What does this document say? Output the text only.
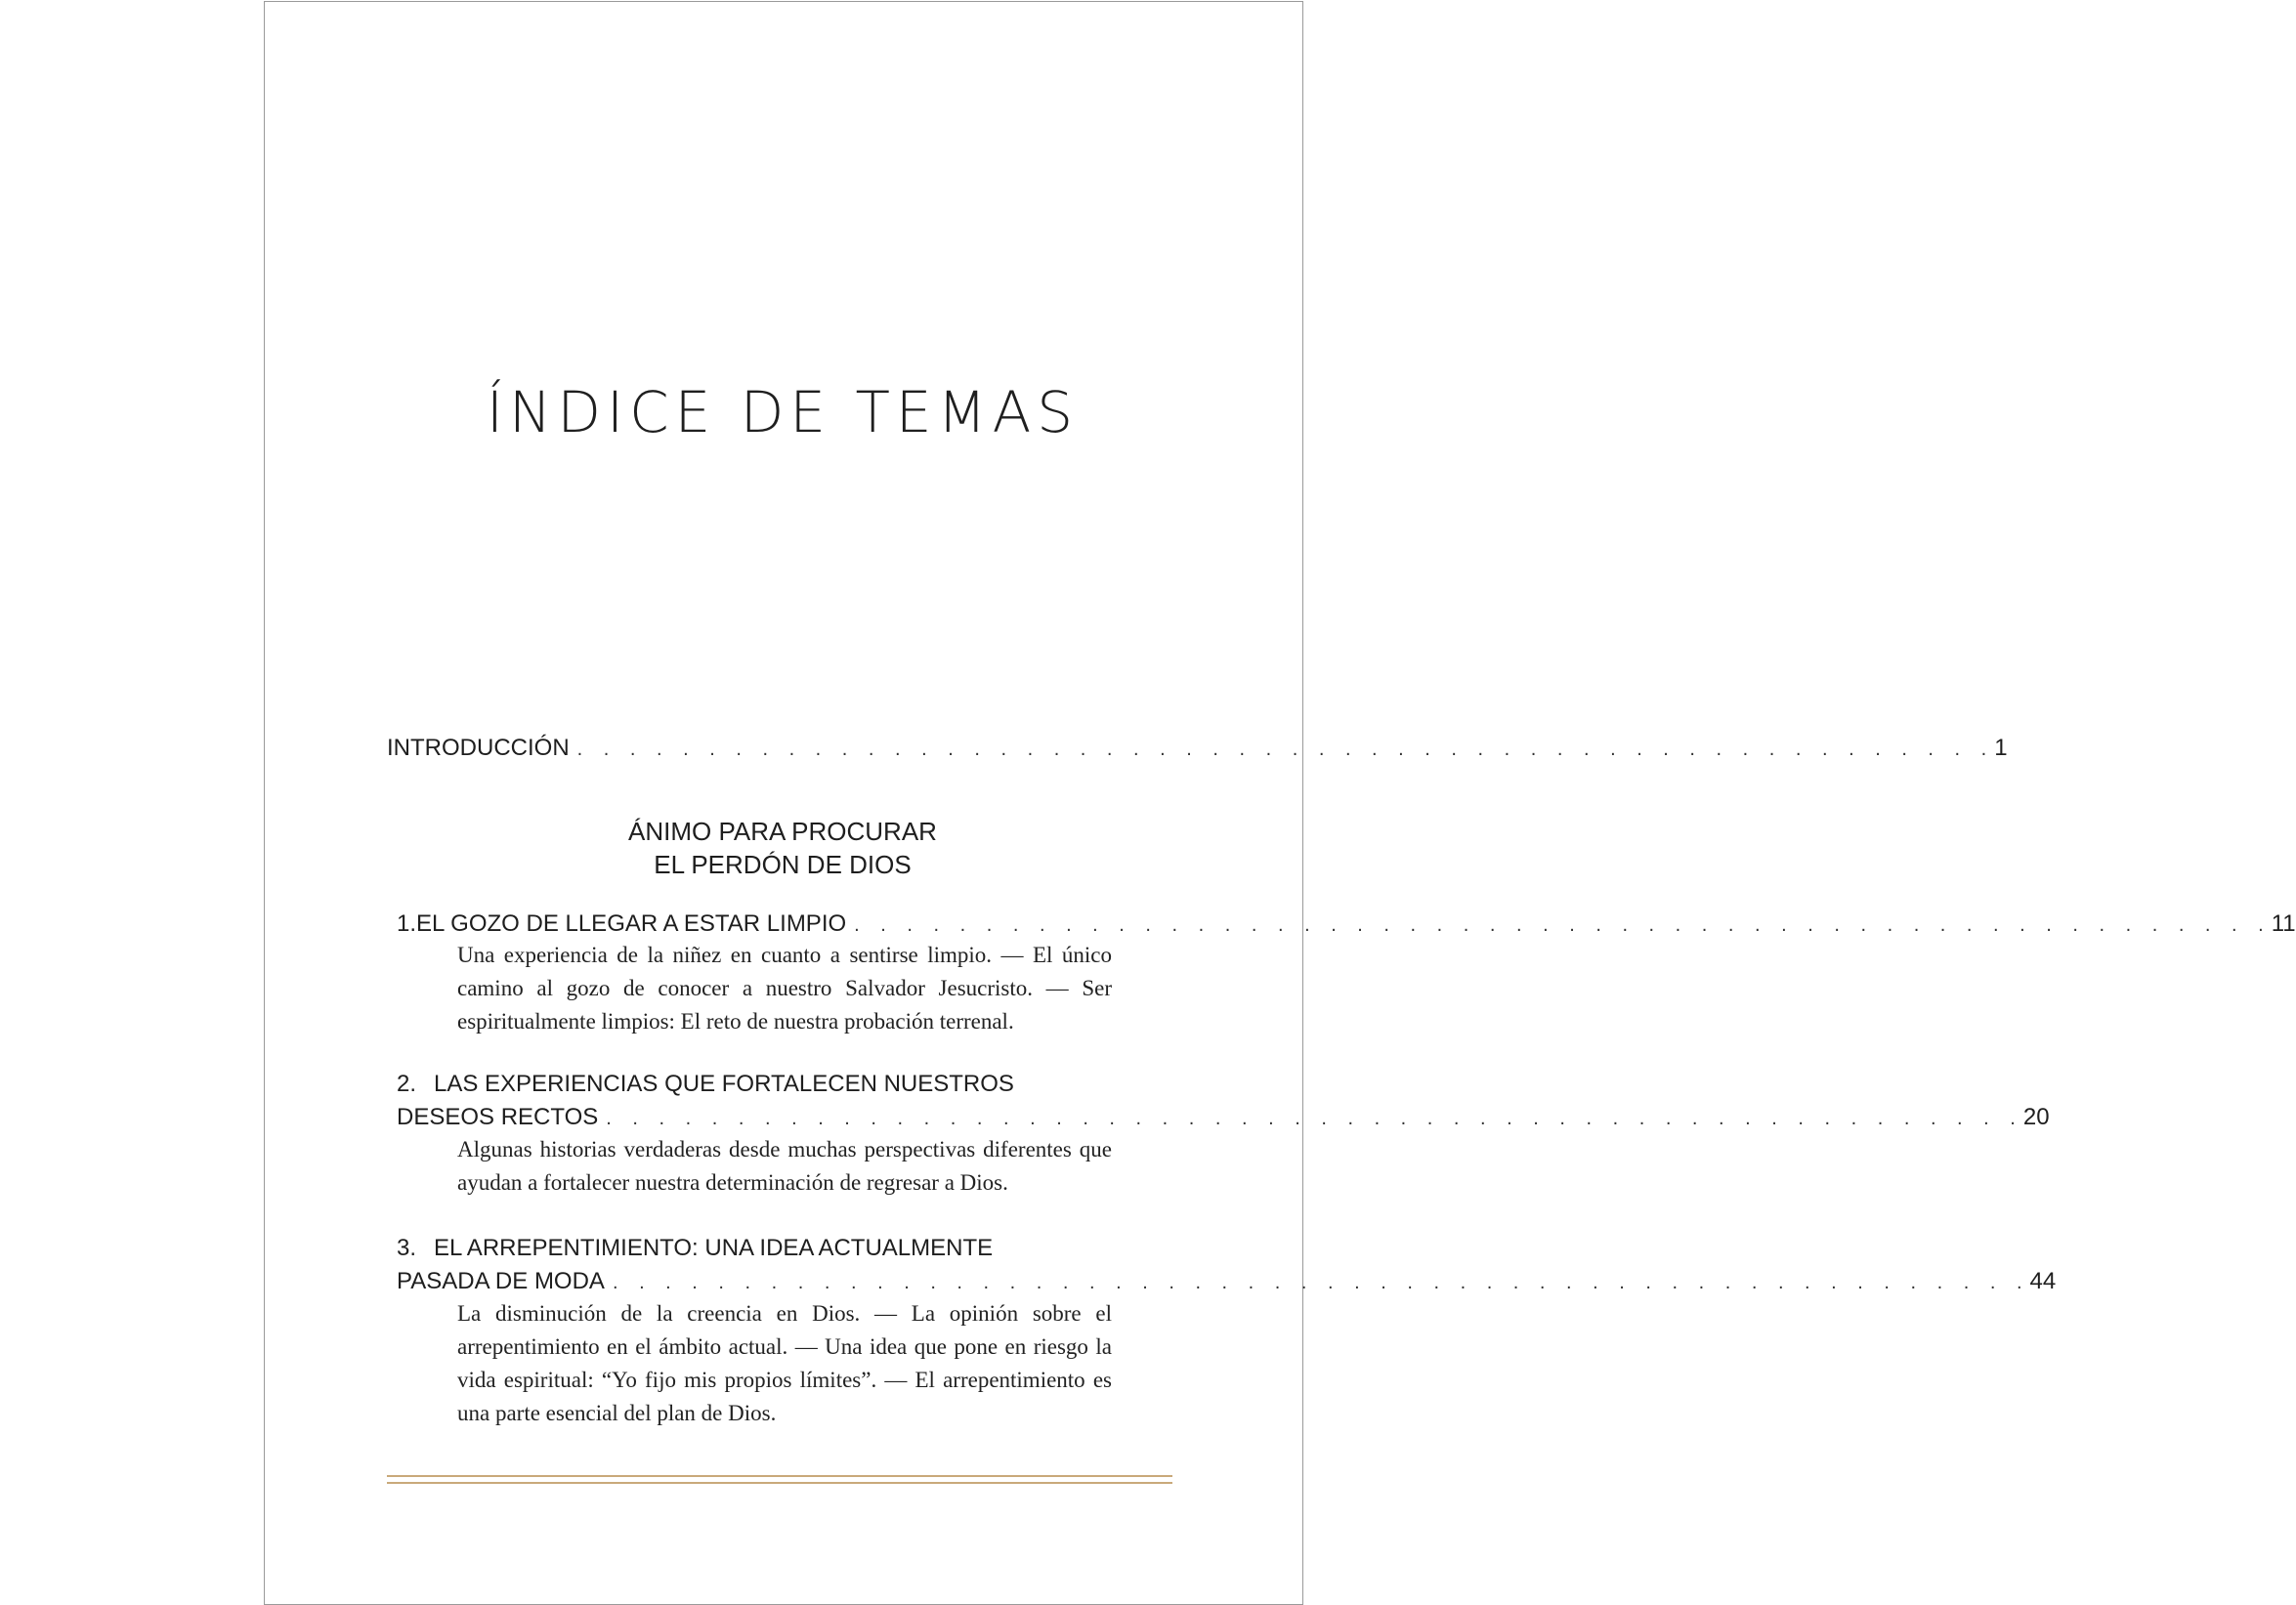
ÍNDICE DE TEMAS
INTRODUCCIÓN . . . . . . . . . . . . . . . . . . . . . . . . . . . . . . . . . . . . . . . . . . . . . . . . . . . . . . 1
ÁNIMO PARA PROCURAR
EL PERDÓN DE DIOS
1. EL GOZO DE LLEGAR A ESTAR LIMPIO . . . . . . . . . . . . . . . . . . . . . . . . . . . . . . . . . . . . . . . . . . . . . . . . . . . . . . 11
Una experiencia de la niñez en cuanto a sentirse limpio. — El único camino al gozo de conocer a nuestro Salvador Jesucristo. — Ser espiritualmente limpios: El reto de nuestra probación terrenal.
2. LAS EXPERIENCIAS QUE FORTALECEN NUESTROS
DESEOS RECTOS . . . . . . . . . . . . . . . . . . . . . . . . . . . . . . . . . . . . . . . . . . . . . . . . . . . . . . 20
Algunas historias verdaderas desde muchas perspectivas diferentes que ayudan a fortalecer nuestra determinación de regresar a Dios.
3. EL ARREPENTIMIENTO: UNA IDEA ACTUALMENTE
PASADA DE MODA . . . . . . . . . . . . . . . . . . . . . . . . . . . . . . . . . . . . . . . . . . . . . . . . . . . . . . 44
La disminución de la creencia en Dios. — La opinión sobre el arrepentimiento en el ámbito actual. — Una idea que pone en riesgo la vida espiritual: “Yo fijo mis propios límites”. — El arrepentimiento es una parte esencial del plan de Dios.
